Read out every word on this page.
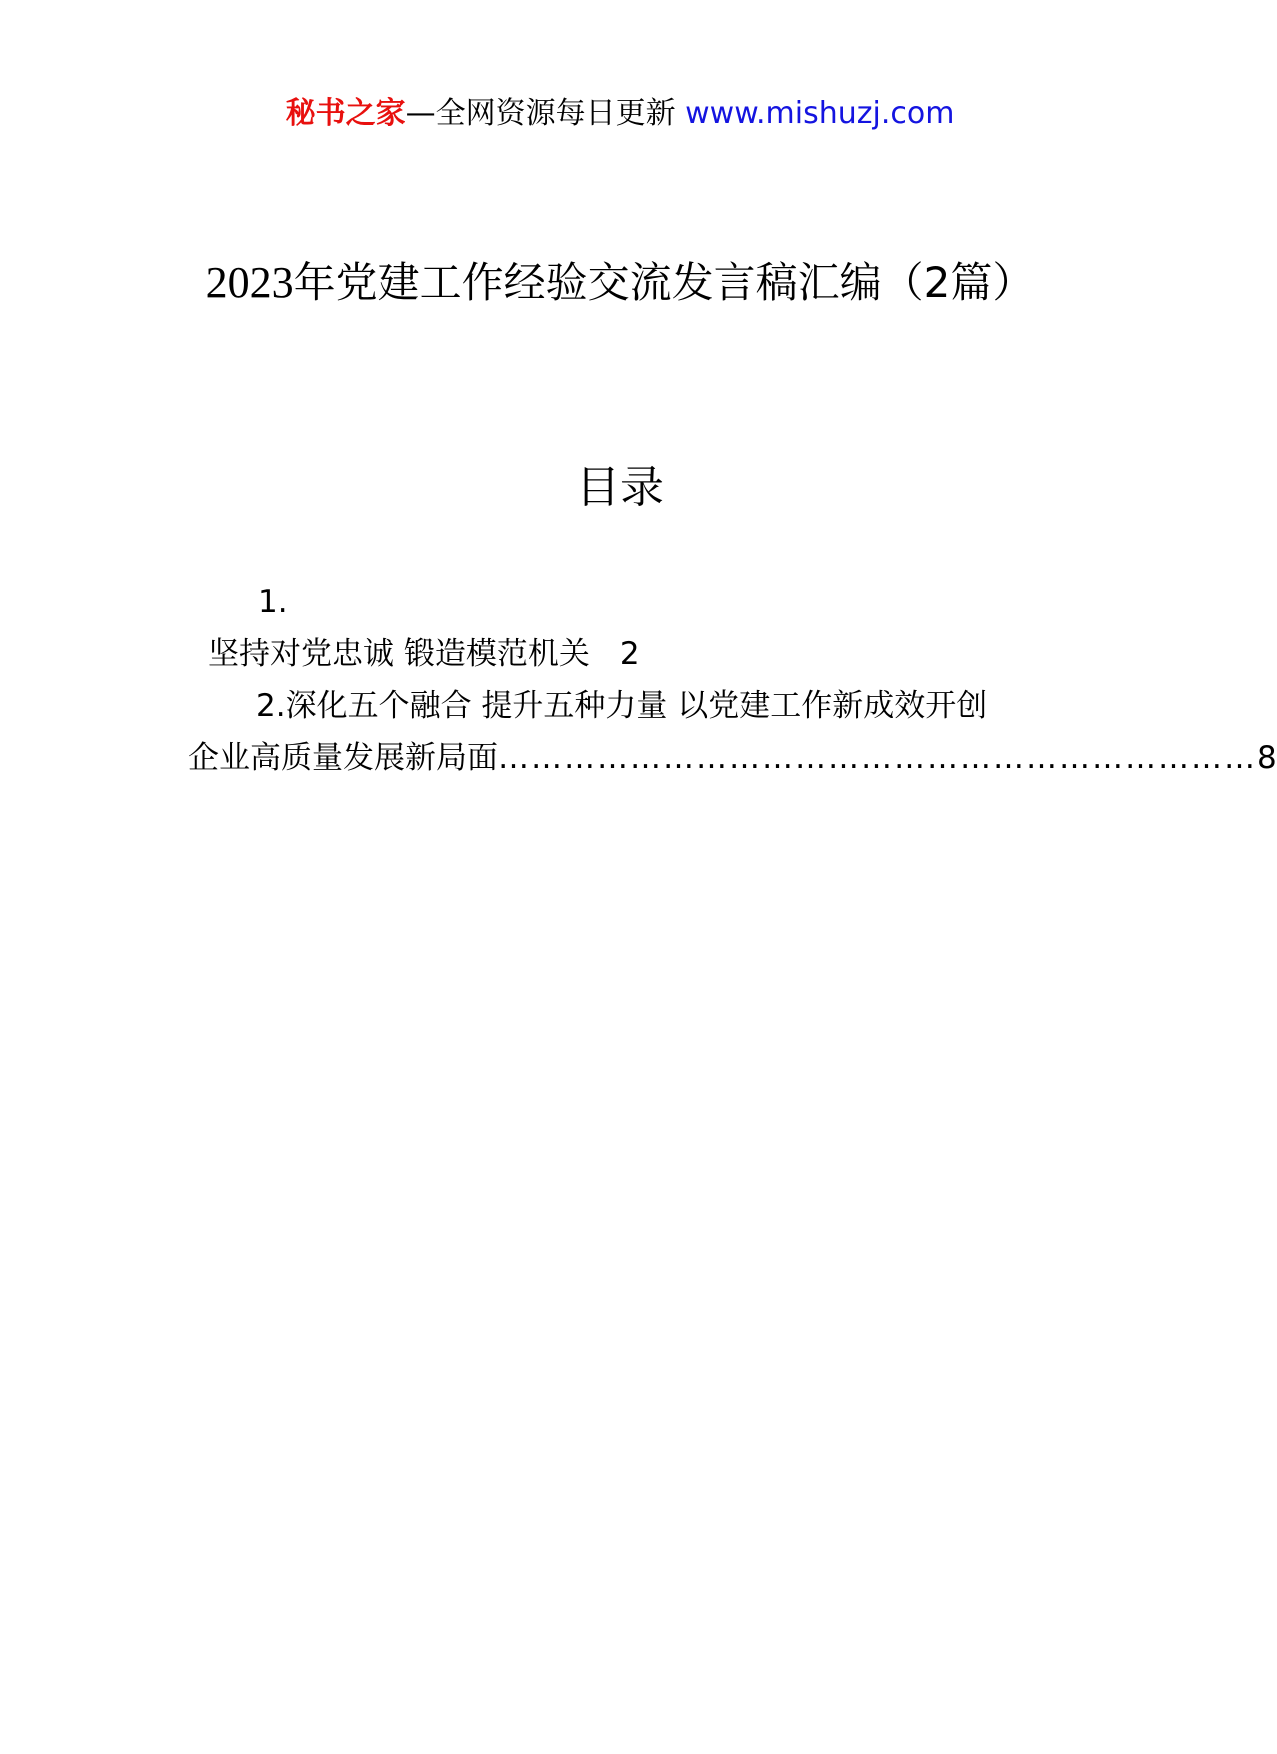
秘书之家—全网资源每日更新 www.mishuzj.com
2023年党建工作经验交流发言稿汇编（2篇）
目录
1.
坚持对党忠诚 锻造模范机关 2
2.深化五个融合 提升五种力量 以党建工作新成效开创
企业高质量发展新局面 …………………………………………………………… 8
